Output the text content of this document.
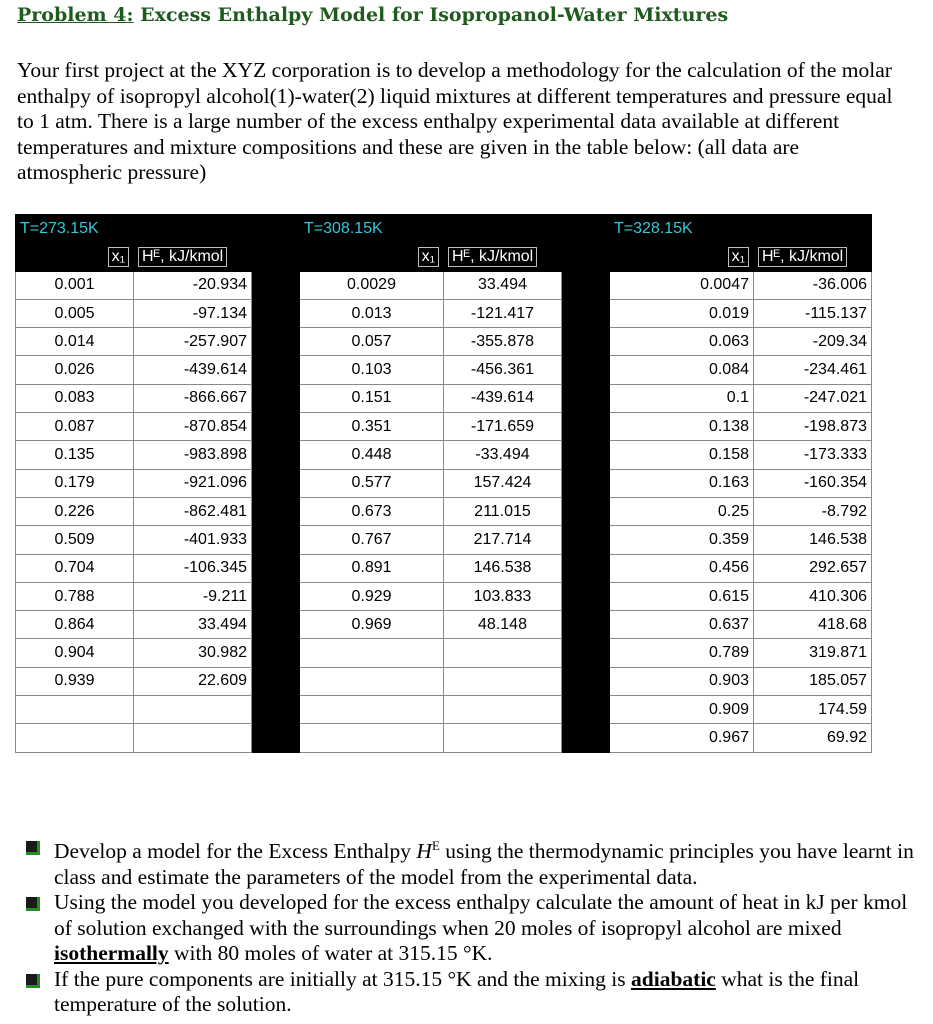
Problem 4: Excess Enthalpy Model for Isopropanol-Water Mixtures
Your first project at the XYZ corporation is to develop a methodology for the calculation of the molar enthalpy of isopropyl alcohol(1)-water(2) liquid mixtures at different temperatures and pressure equal to 1 atm. There is a large number of the excess enthalpy experimental data available at different temperatures and mixture compositions and these are given in the table below: (all data are atmospheric pressure)
T=273.15K			T=308.15K			T=328.15K	
x₁	Hᴱ, kJ/kmol		x₁	Hᴱ, kJ/kmol		x₁	Hᴱ, kJ/kmol
0.001	-20.934		0.0029	33.494		0.0047	-36.006
0.005	-97.134		0.013	-121.417		0.019	-115.137
0.014	-257.907		0.057	-355.878		0.063	-209.34
0.026	-439.614		0.103	-456.361		0.084	-234.461
0.083	-866.667		0.151	-439.614		0.1	-247.021
0.087	-870.854		0.351	-171.659		0.138	-198.873
0.135	-983.898		0.448	-33.494		0.158	-173.333
0.179	-921.096		0.577	157.424		0.163	-160.354
0.226	-862.481		0.673	211.015		0.25	-8.792
0.509	-401.933		0.767	217.714		0.359	146.538
0.704	-106.345		0.891	146.538		0.456	292.657
0.788	-9.211		0.929	103.833		0.615	410.306
0.864	33.494		0.969	48.148		0.637	418.68
0.904	30.982					0.789	319.871
0.939	22.609					0.903	185.057
						0.909	174.59
						0.967	69.92
Develop a model for the Excess Enthalpy $H^E$ using the thermodynamic principles you have learnt in class and estimate the parameters of the model from the experimental data.
Using the model you developed for the excess enthalpy calculate the amount of heat in kJ per kmol of solution exchanged with the surroundings when 20 moles of isopropyl alcohol are mixed isothermally with 80 moles of water at 315.15 °K.
If the pure components are initially at 315.15 °K and the mixing is adiabatic what is the final temperature of the solution.
